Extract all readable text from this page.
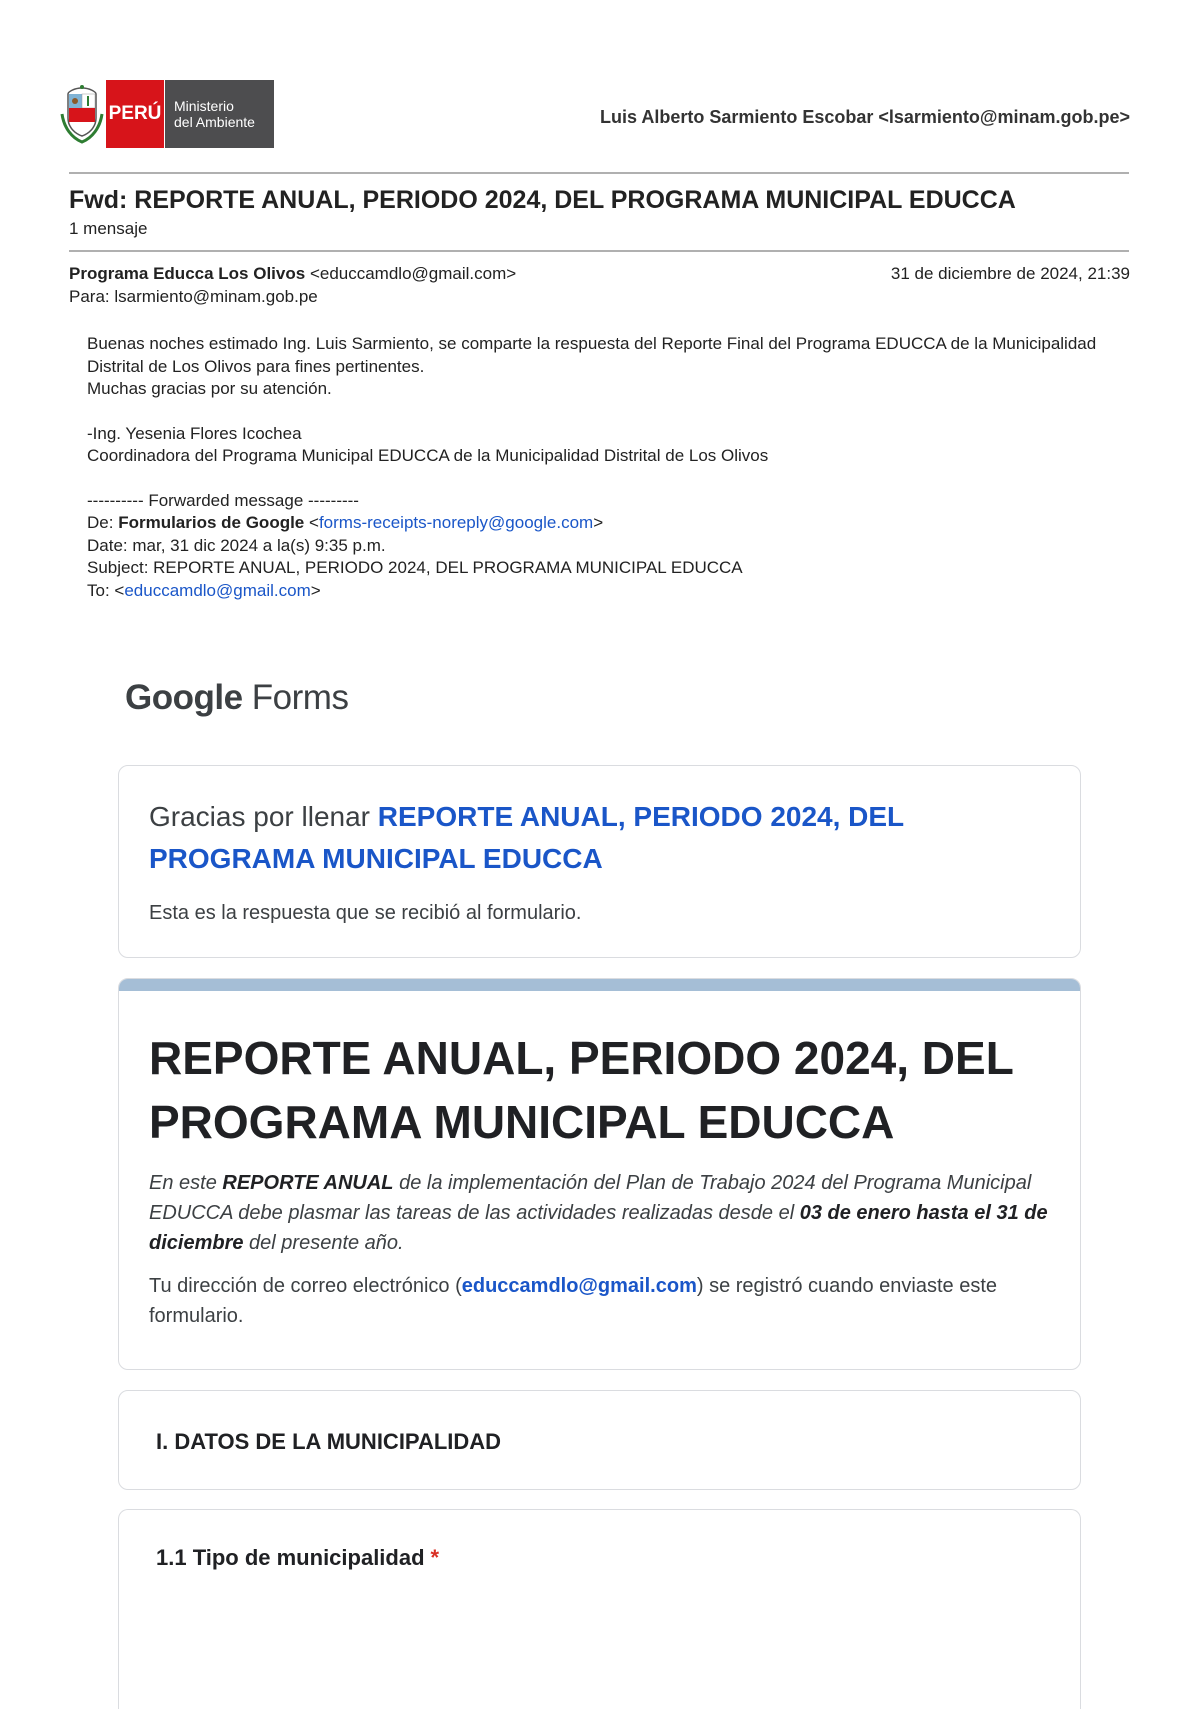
PERÚ Ministerio
del Ambiente	Luis Alberto Sarmiento Escobar <lsarmiento@minam.gob.pe>
Fwd: REPORTE ANUAL, PERIODO 2024, DEL PROGRAMA MUNICIPAL EDUCCA
1 mensaje
Programa Educca Los Olivos <educcamdlo@gmail.com>	31 de diciembre de 2024, 21:39
Para: lsarmiento@minam.gob.pe

Buenas noches estimado Ing. Luis Sarmiento, se comparte la respuesta del Reporte Final del Programa EDUCCA de la Municipalidad Distrital de Los Olivos para fines pertinentes.

Muchas gracias por su atención.

-Ing. Yesenia Flores Icochea

Coordinadora del Programa Municipal EDUCCA de la Municipalidad Distrital de Los Olivos

---------- Forwarded message ---------

De: Formularios de Google <forms-receipts-noreply@google.com>

Date: mar, 31 dic 2024 a la(s) 9:35 p.m.

Subject: REPORTE ANUAL, PERIODO 2024, DEL PROGRAMA MUNICIPAL EDUCCA

To: <educcamdlo@gmail.com>

Google Forms
Gracias por llenar REPORTE ANUAL, PERIODO 2024, DEL PROGRAMA MUNICIPAL EDUCCA
Esta es la respuesta que se recibió al formulario.
REPORTE ANUAL, PERIODO 2024, DEL PROGRAMA MUNICIPAL EDUCCA
En este REPORTE ANUAL de la implementación del Plan de Trabajo 2024 del Programa Municipal EDUCCA debe plasmar las tareas de las actividades realizadas desde el 03 de enero hasta el 31 de diciembre del presente año.
Tu dirección de correo electrónico (educcamdlo@gmail.com) se registró cuando enviaste este formulario.
I. DATOS DE LA MUNICIPALIDAD
1.1 Tipo de municipalidad *
